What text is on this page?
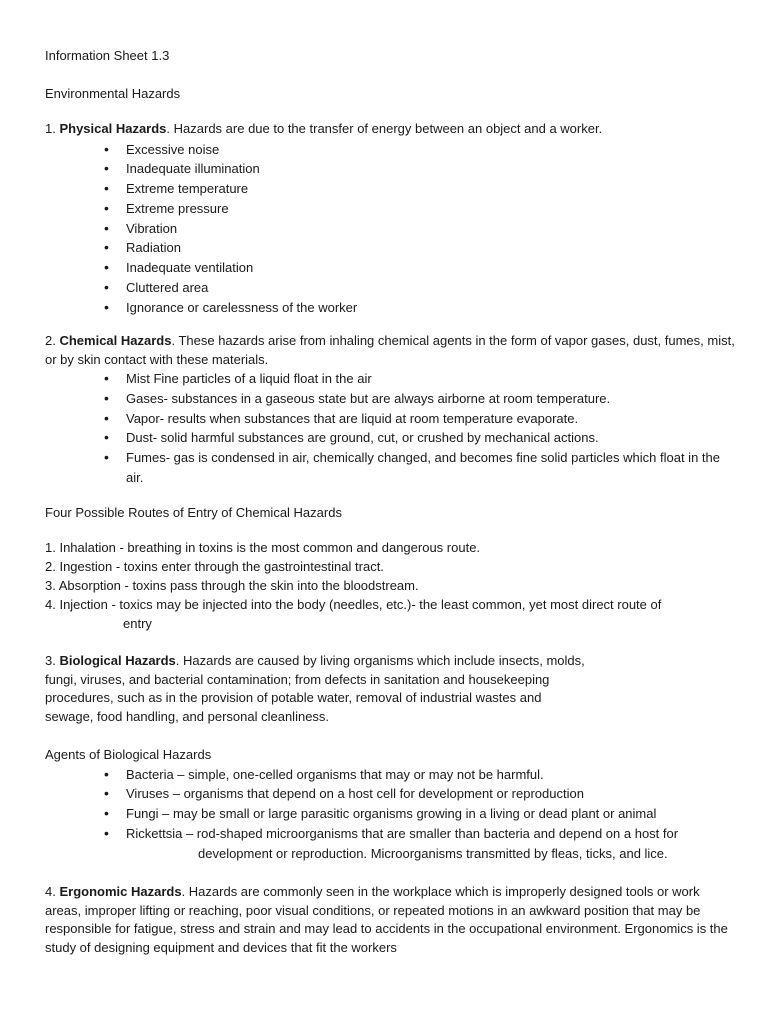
Information Sheet 1.3
Environmental Hazards
1. Physical Hazards. Hazards are due to the transfer of energy between an object and a worker.
• Excessive noise
• Inadequate illumination
• Extreme temperature
• Extreme pressure
• Vibration
• Radiation
• Inadequate ventilation
• Cluttered area
• Ignorance or carelessness of the worker
2. Chemical Hazards. These hazards arise from inhaling chemical agents in the form of vapor gases, dust, fumes, mist, or by skin contact with these materials.
• Mist Fine particles of a liquid float in the air
• Gases- substances in a gaseous state but are always airborne at room temperature.
• Vapor- results when substances that are liquid at room temperature evaporate.
• Dust- solid harmful substances are ground, cut, or crushed by mechanical actions.
• Fumes- gas is condensed in air, chemically changed, and becomes fine solid particles which float in the air.
Four Possible Routes of Entry of Chemical Hazards
1. Inhalation - breathing in toxins is the most common and dangerous route.
2. Ingestion - toxins enter through the gastrointestinal tract.
3. Absorption - toxins pass through the skin into the bloodstream.
4. Injection - toxics may be injected into the body (needles, etc.)- the least common, yet most direct route of
entry
3. Biological Hazards. Hazards are caused by living organisms which include insects, molds,
fungi, viruses, and bacterial contamination; from defects in sanitation and housekeeping
procedures, such as in the provision of potable water, removal of industrial wastes and
sewage, food handling, and personal cleanliness.
Agents of Biological Hazards
• Bacteria – simple, one-celled organisms that may or may not be harmful.
• Viruses – organisms that depend on a host cell for development or reproduction
• Fungi – may be small or large parasitic organisms growing in a living or dead plant or animal
• Rickettsia – rod-shaped microorganisms that are smaller than bacteria and depend on a host for
development or reproduction. Microorganisms transmitted by fleas, ticks, and lice.
4. Ergonomic Hazards. Hazards are commonly seen in the workplace which is improperly designed tools or work areas, improper lifting or reaching, poor visual conditions, or repeated motions in an awkward position that may be responsible for fatigue, stress and strain and may lead to accidents in the occupational environment. Ergonomics is the study of designing equipment and devices that fit the workers
